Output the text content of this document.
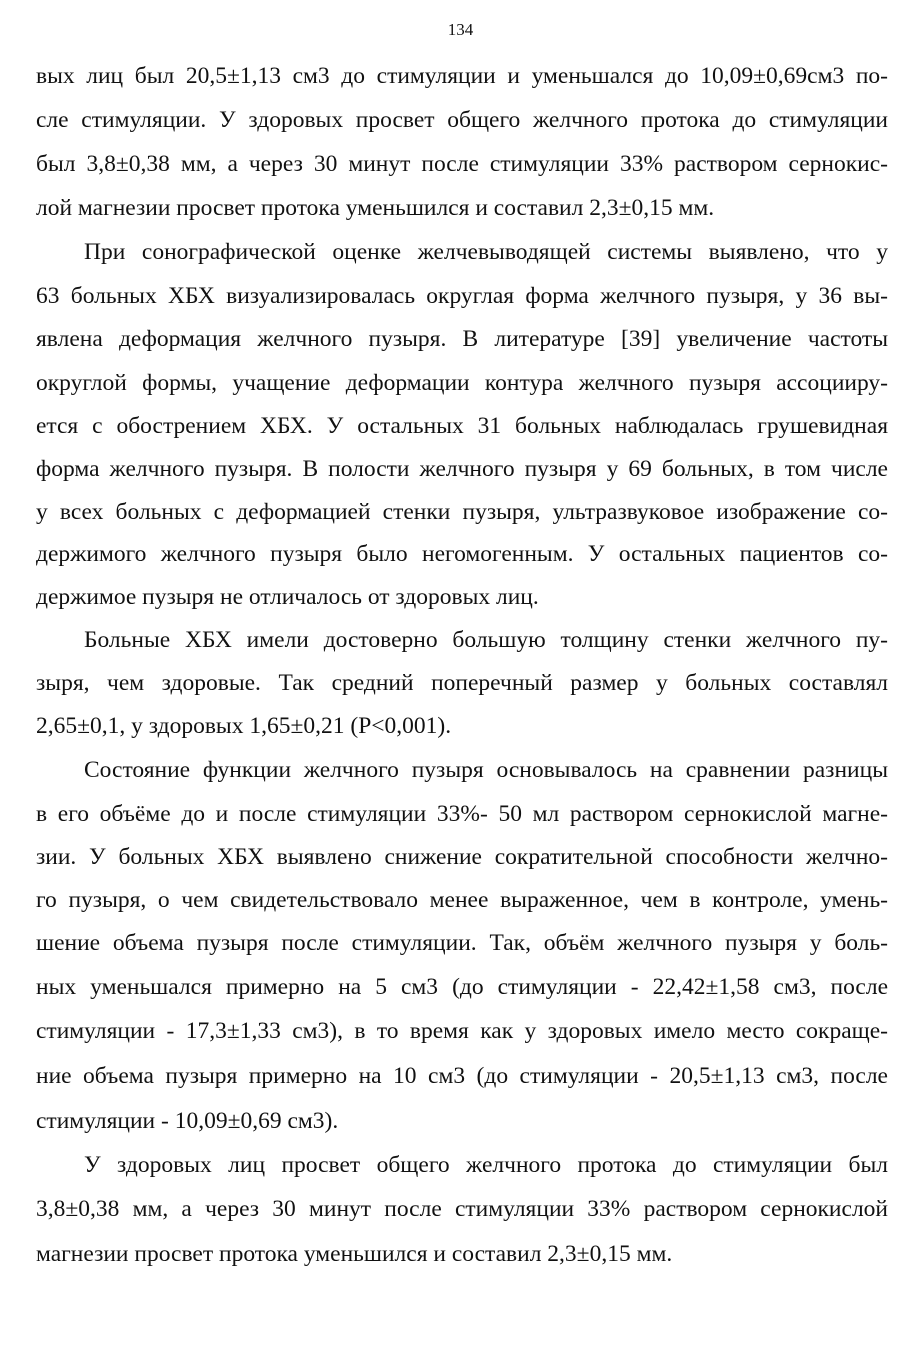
134
вых лиц был 20,5±1,13 см3 до стимуляции и уменьшался до 10,09±0,69см3 по-
сле стимуляции. У здоровых просвет общего желчного протока до стимуляции
был 3,8±0,38 мм, а через 30 минут после стимуляции 33% раствором сернокис-
лой магнезии просвет протока уменьшился и составил 2,3±0,15 мм.
При сонографической оценке желчевыводящей системы выявлено, что у
63 больных ХБХ визуализировалась округлая форма желчного пузыря, у 36 вы-
явлена деформация желчного пузыря. В литературе [39] увеличение частоты
округлой формы, учащение деформации контура желчного пузыря ассоцииру-
ется с обострением ХБХ. У остальных 31 больных наблюдалась грушевидная
форма желчного пузыря. В полости желчного пузыря у 69 больных, в том числе
у всех больных с деформацией стенки пузыря, ультразвуковое изображение со-
держимого желчного пузыря было негомогенным. У остальных пациентов со-
держимое пузыря не отличалось от здоровых лиц.
Больные ХБХ имели достоверно большую толщину стенки желчного пу-
зыря, чем здоровые. Так средний поперечный размер у больных составлял
2,65±0,1, у здоровых 1,65±0,21 (Р<0,001).
Состояние функции желчного пузыря основывалось на сравнении разницы
в его объёме до и после стимуляции 33%- 50 мл раствором сернокислой магне-
зии. У больных ХБХ выявлено снижение сократительной способности желчно-
го пузыря, о чем свидетельствовало менее выраженное, чем в контроле, умень-
шение объема пузыря после стимуляции. Так, объём желчного пузыря у боль-
ных уменьшался примерно на 5 см3 (до стимуляции - 22,42±1,58 см3, после
стимуляции - 17,3±1,33 см3), в то время как у здоровых имело место сокраще-
ние объема пузыря примерно на 10 см3 (до стимуляции - 20,5±1,13 см3, после
стимуляции - 10,09±0,69 см3).
У здоровых лиц просвет общего желчного протока до стимуляции был
3,8±0,38 мм, а через 30 минут после стимуляции 33% раствором сернокислой
магнезии просвет протока уменьшился и составил 2,3±0,15 мм.
